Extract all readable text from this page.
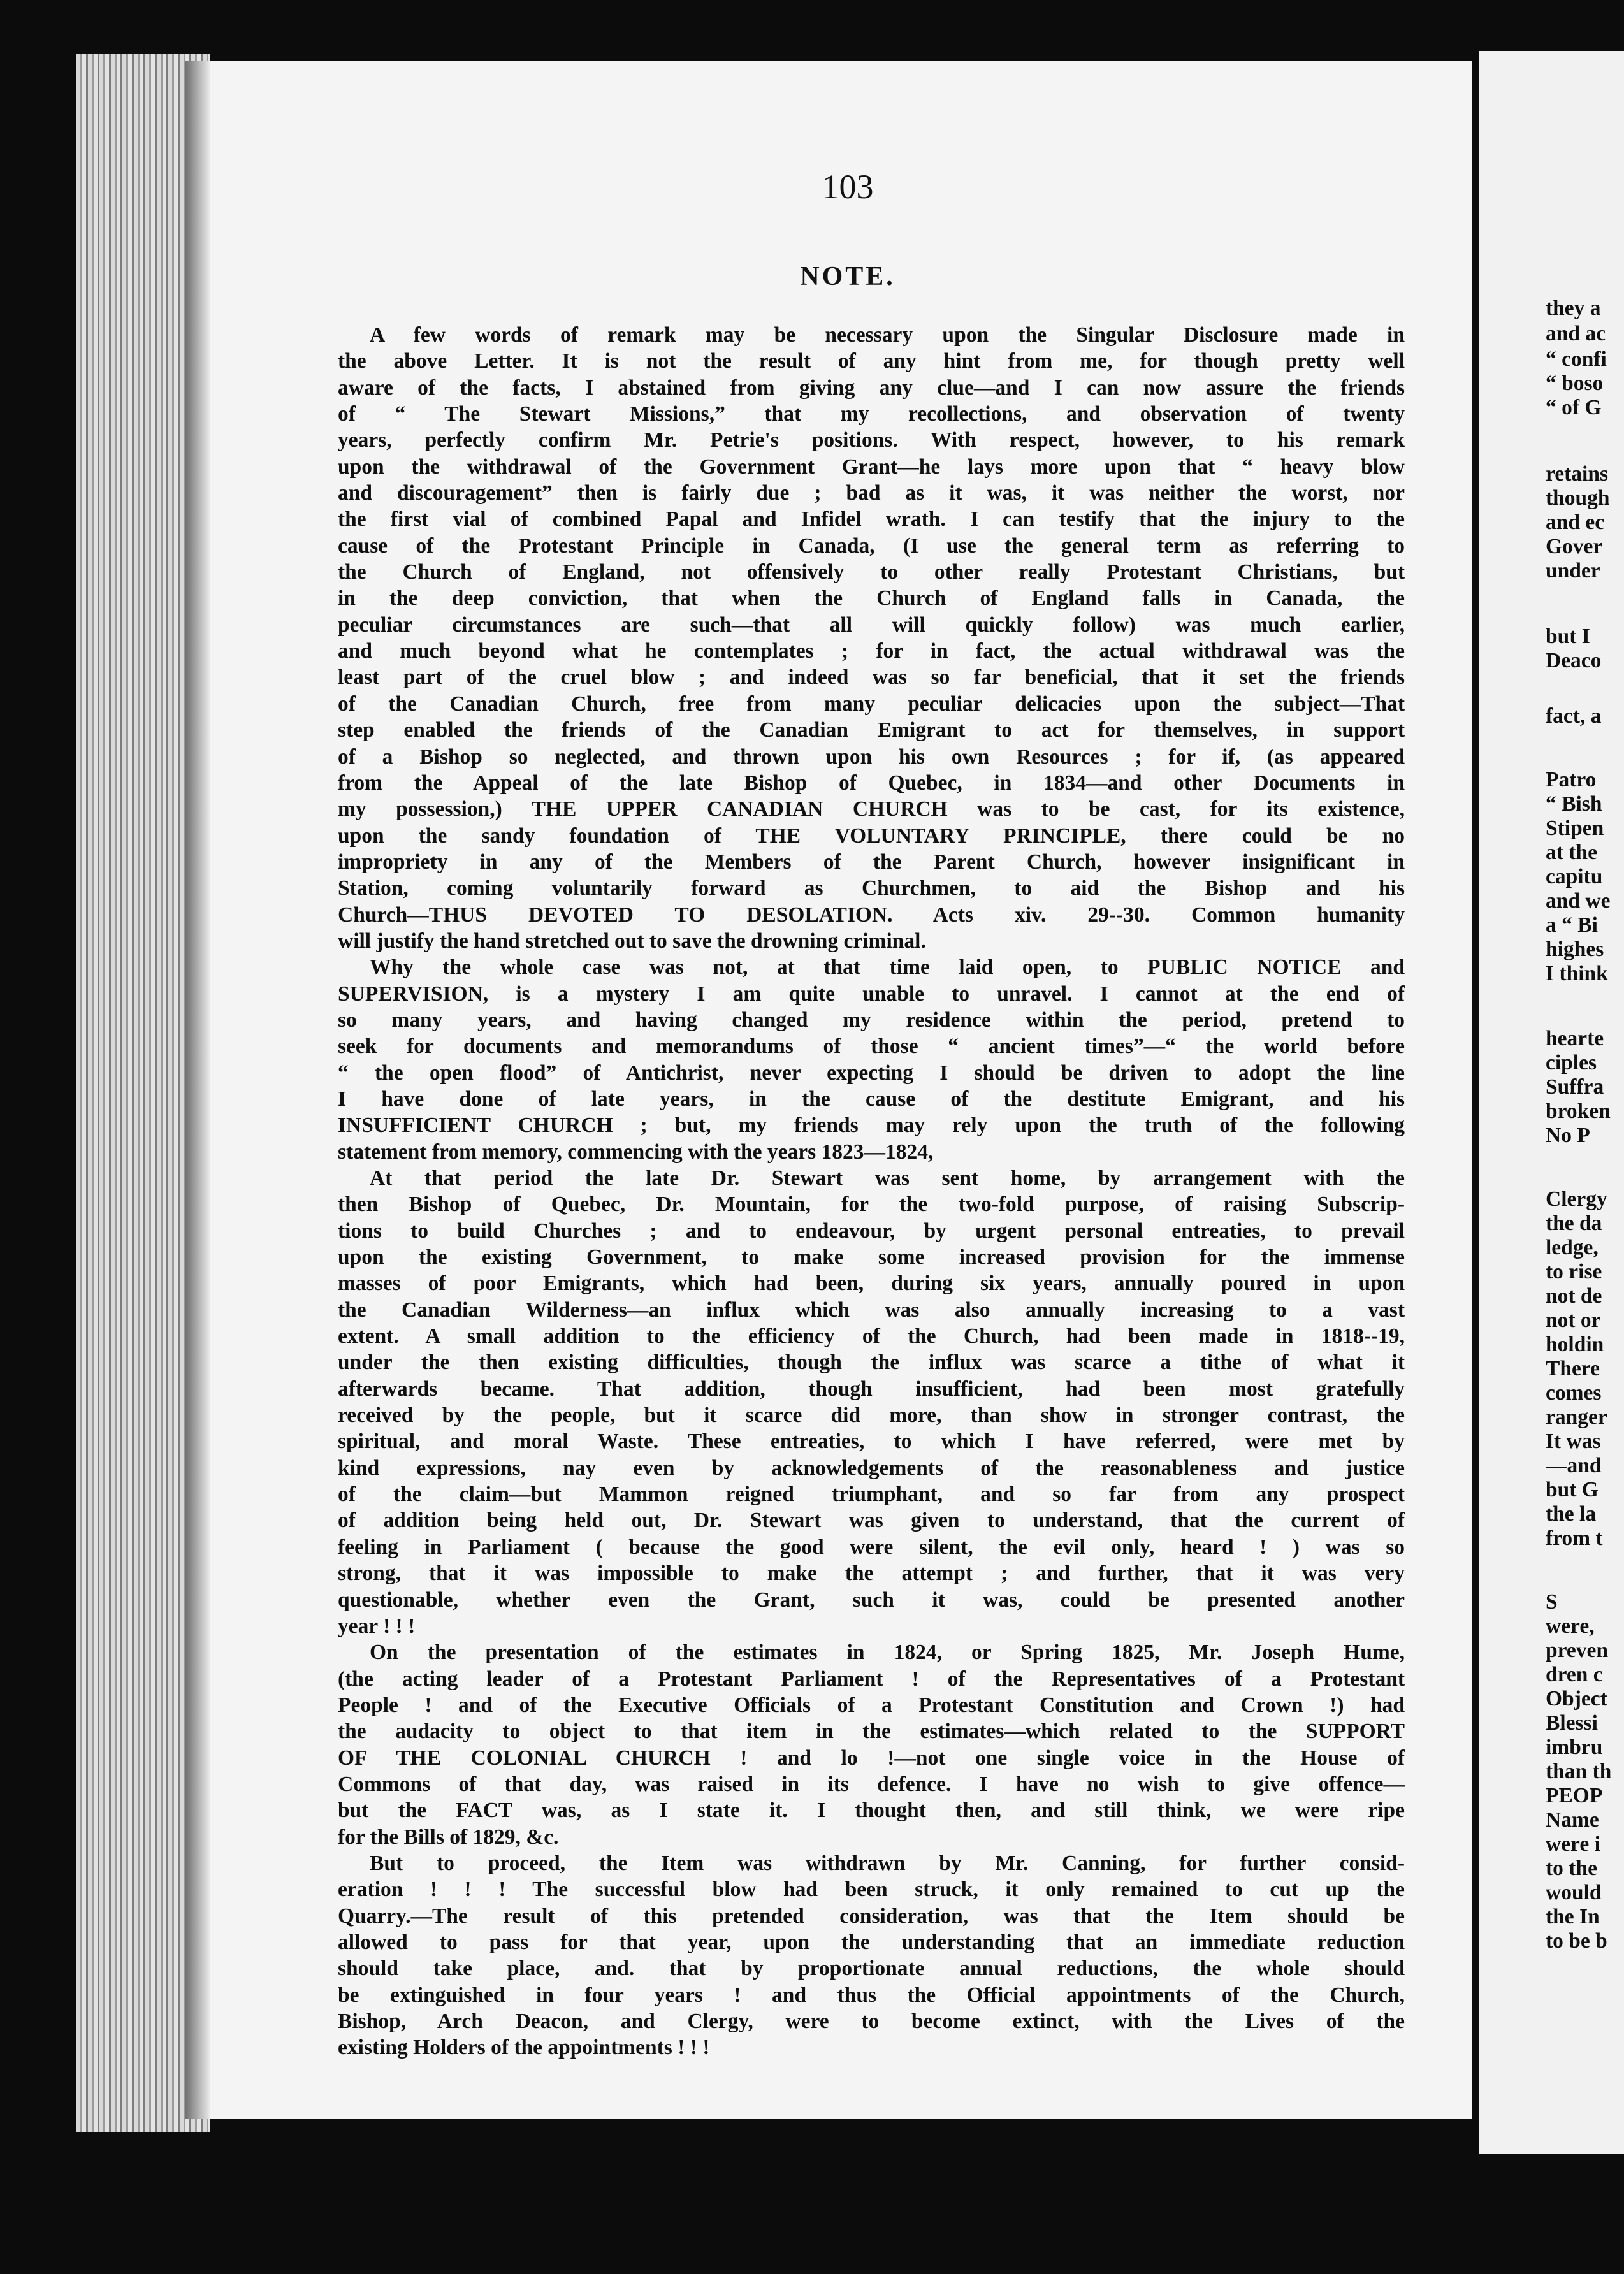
103
NOTE.
A few words of remark may be necessary upon the Singular Disclosure made in
the above Letter. It is not the result of any hint from me, for though pretty well
aware of the facts, I abstained from giving any clue—and I can now assure the friends
of “ The Stewart Missions,” that my recollections, and observation of twenty
years, perfectly confirm Mr. Petrie's positions. With respect, however, to his remark
upon the withdrawal of the Government Grant—he lays more upon that “ heavy blow
and discouragement” then is fairly due ; bad as it was, it was neither the worst, nor
the first vial of combined Papal and Infidel wrath. I can testify that the injury to the
cause of the Protestant Principle in Canada, (I use the general term as referring to
the Church of England, not offensively to other really Protestant Christians, but
in the deep conviction, that when the Church of England falls in Canada, the
peculiar circumstances are such—that all will quickly follow) was much earlier,
and much beyond what he contemplates ; for in fact, the actual withdrawal was the
least part of the cruel blow ; and indeed was so far beneficial, that it set the friends
of the Canadian Church, free from many peculiar delicacies upon the subject—That
step enabled the friends of the Canadian Emigrant to act for themselves, in support
of a Bishop so neglected, and thrown upon his own Resources ; for if, (as appeared
from the Appeal of the late Bishop of Quebec, in 1834—and other Documents in
my possession,) THE UPPER CANADIAN CHURCH was to be cast, for its existence,
upon the sandy foundation of THE VOLUNTARY PRINCIPLE, there could be no
impropriety in any of the Members of the Parent Church, however insignificant in
Station, coming voluntarily forward as Churchmen, to aid the Bishop and his
Church—THUS DEVOTED TO DESOLATION. Acts xiv. 29--30. Common humanity
will justify the hand stretched out to save the drowning criminal.
Why the whole case was not, at that time laid open, to PUBLIC NOTICE and
SUPERVISION, is a mystery I am quite unable to unravel. I cannot at the end of
so many years, and having changed my residence within the period, pretend to
seek for documents and memorandums of those “ ancient times”—“ the world before
“ the open flood” of Antichrist, never expecting I should be driven to adopt the line
I have done of late years, in the cause of the destitute Emigrant, and his
INSUFFICIENT CHURCH ; but, my friends may rely upon the truth of the following
statement from memory, commencing with the years 1823—1824,
At that period the late Dr. Stewart was sent home, by arrangement with the
then Bishop of Quebec, Dr. Mountain, for the two-fold purpose, of raising Subscrip-
tions to build Churches ; and to endeavour, by urgent personal entreaties, to prevail
upon the existing Government, to make some increased provision for the immense
masses of poor Emigrants, which had been, during six years, annually poured in upon
the Canadian Wilderness—an influx which was also annually increasing to a vast
extent. A small addition to the efficiency of the Church, had been made in 1818--19,
under the then existing difficulties, though the influx was scarce a tithe of what it
afterwards became. That addition, though insufficient, had been most gratefully
received by the people, but it scarce did more, than show in stronger contrast, the
spiritual, and moral Waste. These entreaties, to which I have referred, were met by
kind expressions, nay even by acknowledgements of the reasonableness and justice
of the claim—but Mammon reigned triumphant, and so far from any prospect
of addition being held out, Dr. Stewart was given to understand, that the current of
feeling in Parliament ( because the good were silent, the evil only, heard ! ) was so
strong, that it was impossible to make the attempt ; and further, that it was very
questionable, whether even the Grant, such it was, could be presented another
year ! ! !
On the presentation of the estimates in 1824, or Spring 1825, Mr. Joseph Hume,
(the acting leader of a Protestant Parliament ! of the Representatives of a Protestant
People ! and of the Executive Officials of a Protestant Constitution and Crown !) had
the audacity to object to that item in the estimates—which related to the SUPPORT
OF THE COLONIAL CHURCH ! and lo !—not one single voice in the House of
Commons of that day, was raised in its defence. I have no wish to give offence—
but the FACT was, as I state it. I thought then, and still think, we were ripe
for the Bills of 1829, &c.
But to proceed, the Item was withdrawn by Mr. Canning, for further consid-
eration ! ! ! The successful blow had been struck, it only remained to cut up the
Quarry.—The result of this pretended consideration, was that the Item should be
allowed to pass for that year, upon the understanding that an immediate reduction
should take place, and. that by proportionate annual reductions, the whole should
be extinguished in four years ! and thus the Official appointments of the Church,
Bishop, Arch Deacon, and Clergy, were to become extinct, with the Lives of the
existing Holders of the appointments ! ! !
they a
and ac
“ confi
“ boso
“ of G
retains
though
and ec
Gover
under
but I
Deaco
fact, a
Patro
“ Bish
Stipen
at the
capitu
and we
a “ Bi
highes
I think
hearte
ciples
Suffra
broken
No P
Clergy
the da
ledge,
to rise
not de
not or
holdin
There
comes
ranger
It was
—and
but G
the la
from t
S
were,
preven
dren c
Object
Blessi
imbru
than th
PEOP
Name
were i
to the
would
the In
to be b
